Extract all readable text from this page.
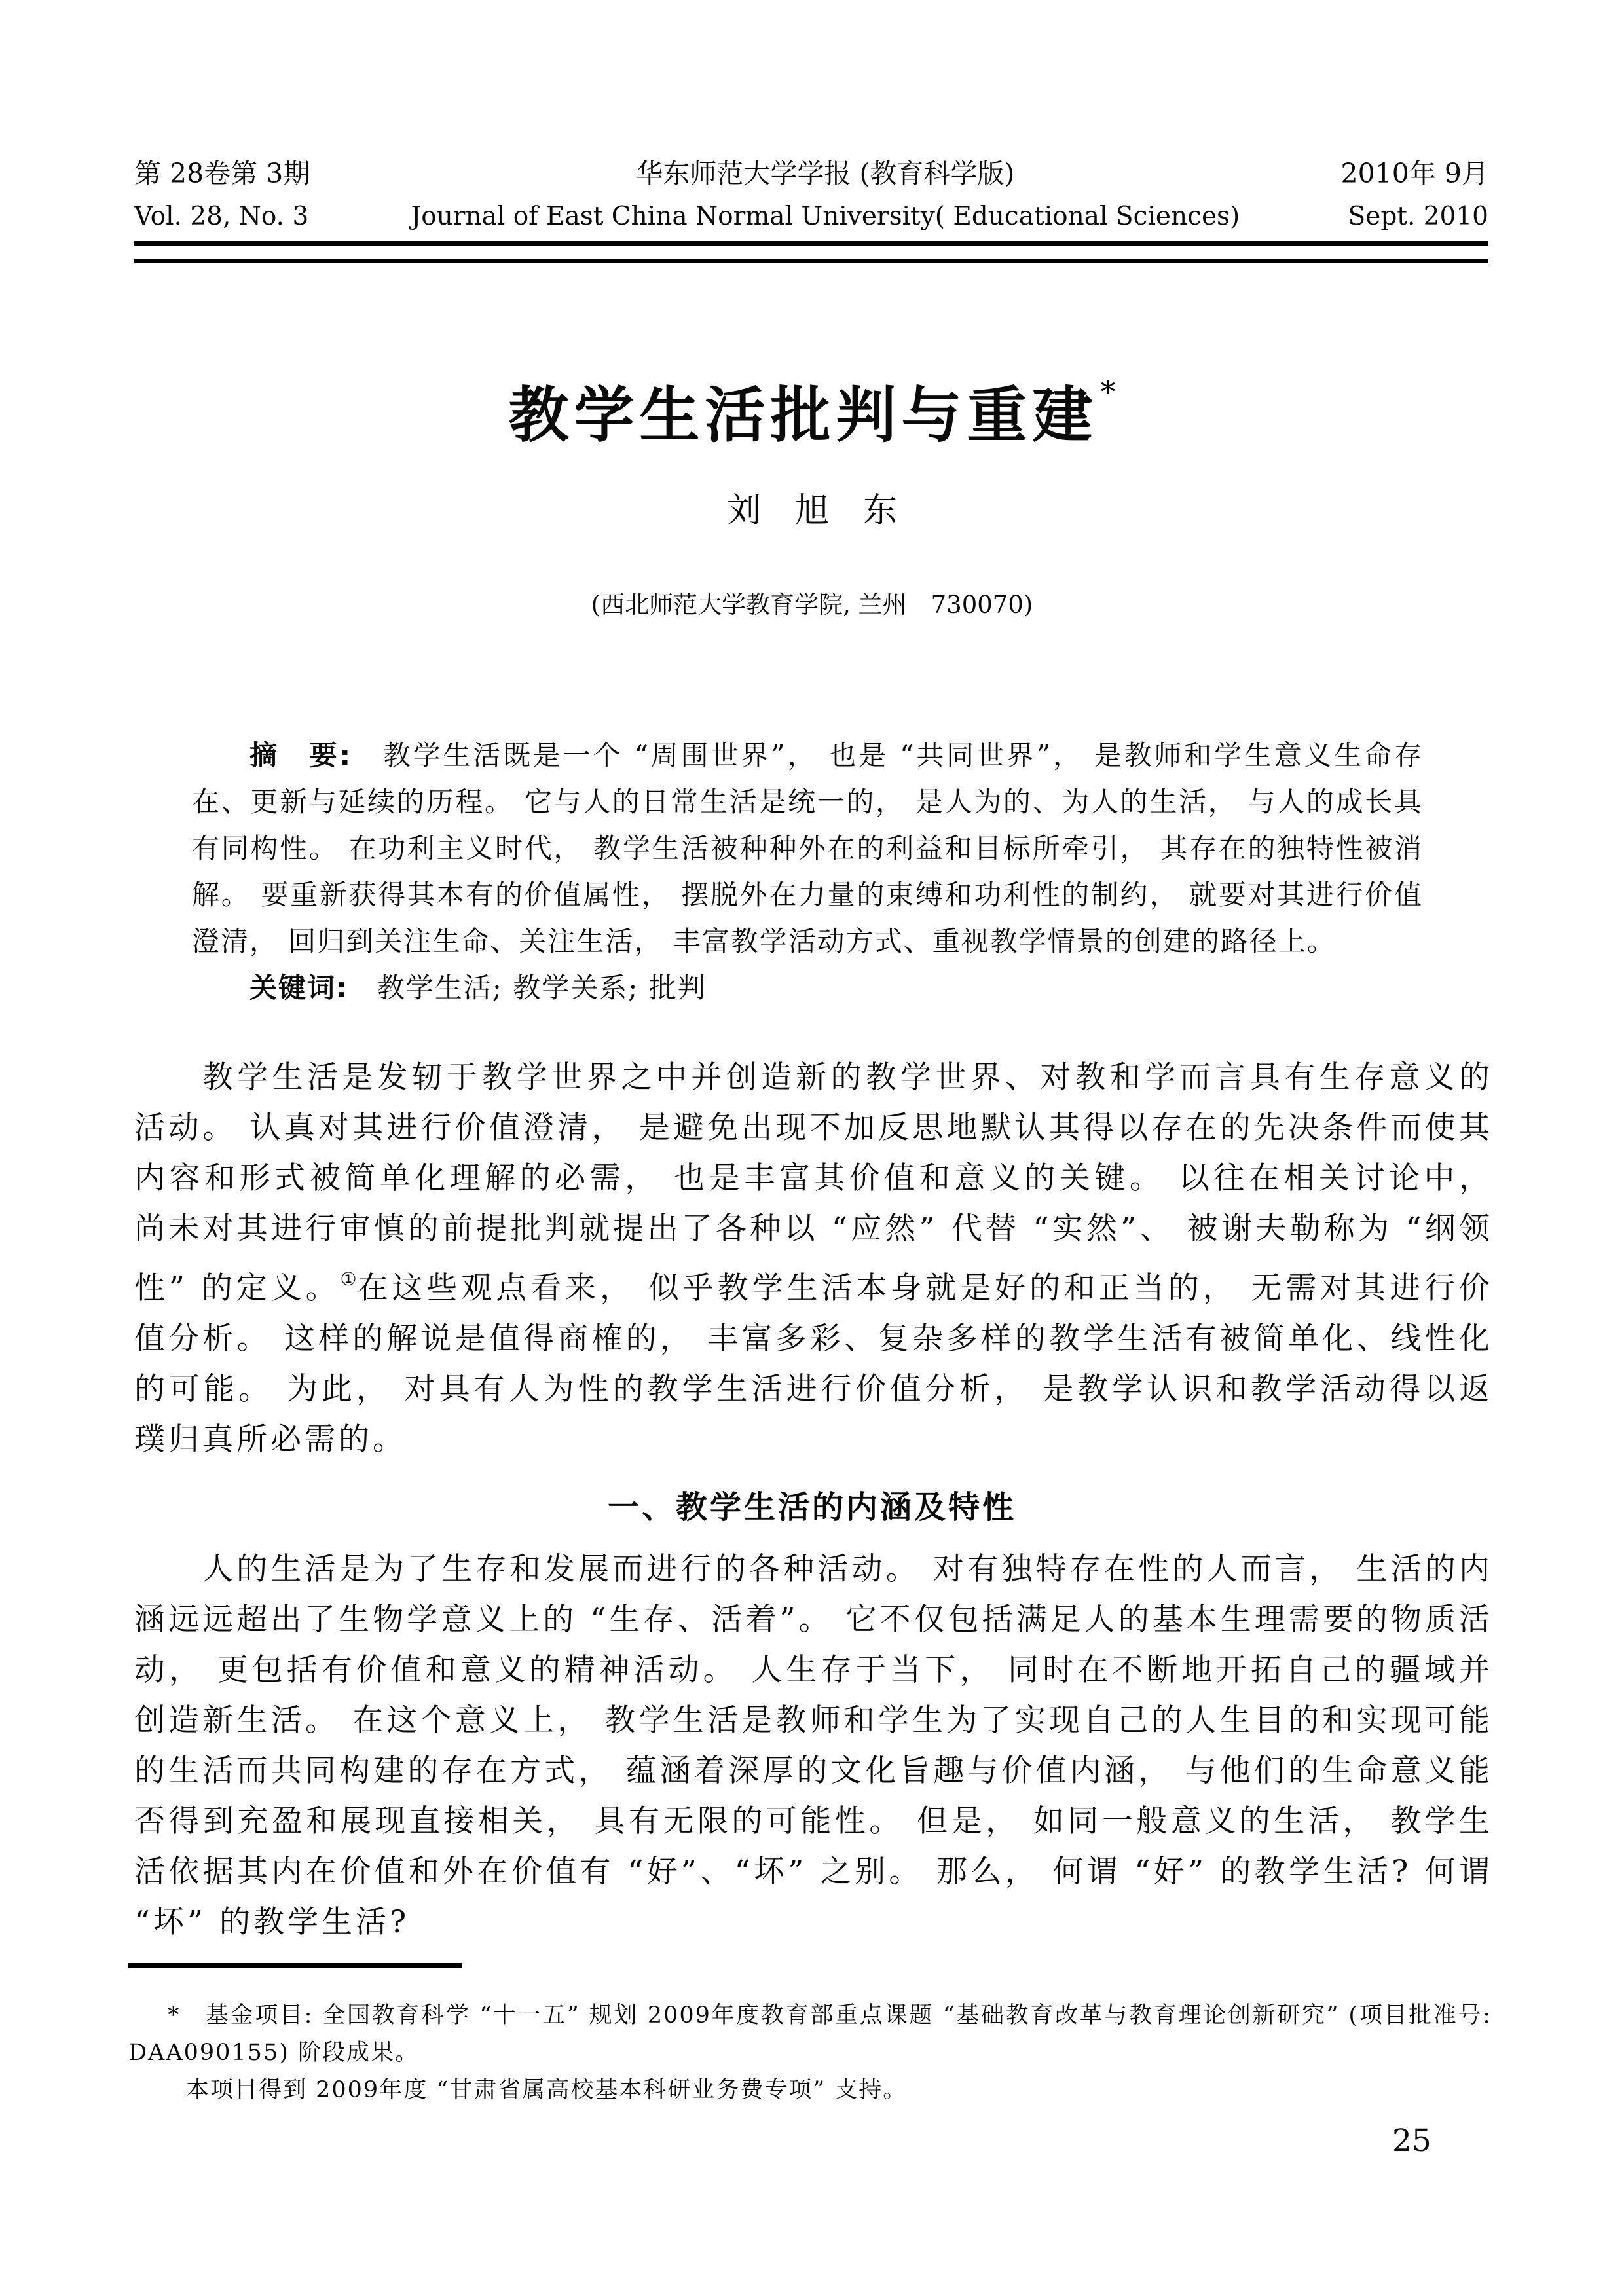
第 28卷第 3期
Vol. 28, No. 3
华东师范大学学报 (教育科学版)
Journal of East China Normal University( Educational Sciences)
2010年 9月
Sept. 2010
教学生活批判与重建*
刘　旭　东
(西北师范大学教育学院, 兰州　730070)

摘　要:　教学生活既是一个 “周围世界”， 也是 “共同世界”， 是教师和学生意义生命存在、更新与延续的历程。 它与人的日常生活是统一的， 是人为的、为人的生活， 与人的成长具有同构性。 在功利主义时代， 教学生活被种种外在的利益和目标所牵引， 其存在的独特性被消解。 要重新获得其本有的价值属性， 摆脱外在力量的束缚和功利性的制约， 就要对其进行价值澄清， 回归到关注生命、关注生活， 丰富教学活动方式、重视教学情景的创建的路径上。

关键词:　教学生活; 教学关系; 批判

教学生活是发轫于教学世界之中并创造新的教学世界、对教和学而言具有生存意义的活动。 认真对其进行价值澄清， 是避免出现不加反思地默认其得以存在的先决条件而使其内容和形式被简单化理解的必需， 也是丰富其价值和意义的关键。 以往在相关讨论中， 尚未对其进行审慎的前提批判就提出了各种以 “应然” 代替 “实然”、 被谢夫勒称为 “纲领性” 的定义。①在这些观点看来， 似乎教学生活本身就是好的和正当的， 无需对其进行价值分析。 这样的解说是值得商榷的， 丰富多彩、复杂多样的教学生活有被简单化、线性化的可能。 为此， 对具有人为性的教学生活进行价值分析， 是教学认识和教学活动得以返璞归真所必需的。

一、教学生活的内涵及特性

人的生活是为了生存和发展而进行的各种活动。 对有独特存在性的人而言， 生活的内涵远远超出了生物学意义上的 “生存、活着”。 它不仅包括满足人的基本生理需要的物质活动， 更包括有价值和意义的精神活动。 人生存于当下， 同时在不断地开拓自己的疆域并创造新生活。 在这个意义上， 教学生活是教师和学生为了实现自己的人生目的和实现可能的生活而共同构建的存在方式， 蕴涵着深厚的文化旨趣与价值内涵， 与他们的生命意义能否得到充盈和展现直接相关， 具有无限的可能性。 但是， 如同一般意义的生活， 教学生活依据其内在价值和外在价值有 “好”、“坏” 之别。 那么， 何谓 “好” 的教学生活? 何谓 “坏” 的教学生活?

*　基金项目: 全国教育科学 “十一五” 规划 2009年度教育部重点课题 “基础教育改革与教育理论创新研究” (项目批准号: DAA090155) 阶段成果。

本项目得到 2009年度 “甘肃省属高校基本科研业务费专项” 支持。

25
